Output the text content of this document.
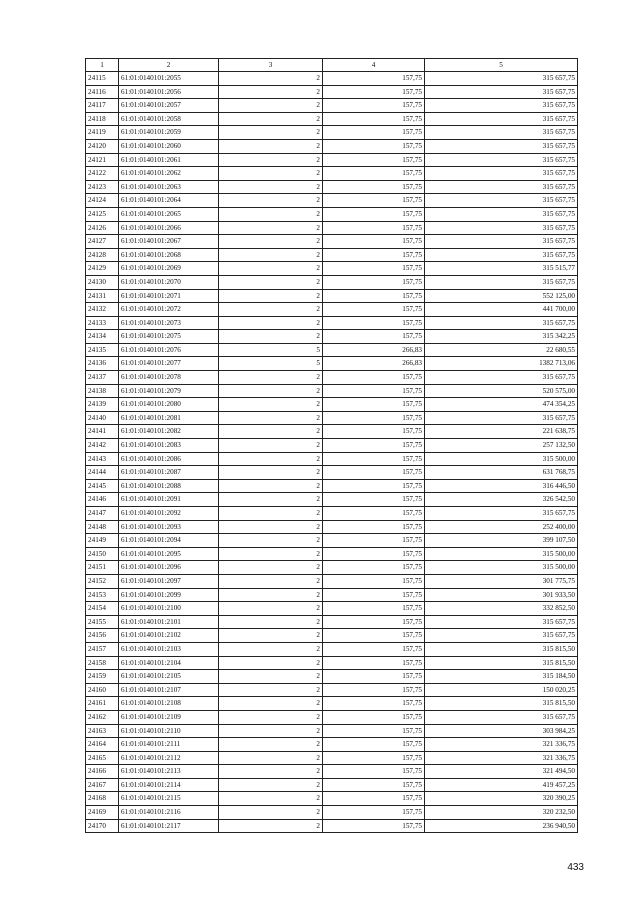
1	2	3	4	5
24115	61:01:0140101:2055	2	157,75	315 657,75
24116	61:01:0140101:2056	2	157,75	315 657,75
24117	61:01:0140101:2057	2	157,75	315 657,75
24118	61:01:0140101:2058	2	157,75	315 657,75
24119	61:01:0140101:2059	2	157,75	315 657,75
24120	61:01:0140101:2060	2	157,75	315 657,75
24121	61:01:0140101:2061	2	157,75	315 657,75
24122	61:01:0140101:2062	2	157,75	315 657,75
24123	61:01:0140101:2063	2	157,75	315 657,75
24124	61:01:0140101:2064	2	157,75	315 657,75
24125	61:01:0140101:2065	2	157,75	315 657,75
24126	61:01:0140101:2066	2	157,75	315 657,75
24127	61:01:0140101:2067	2	157,75	315 657,75
24128	61:01:0140101:2068	2	157,75	315 657,75
24129	61:01:0140101:2069	2	157,75	315 515,77
24130	61:01:0140101:2070	2	157,75	315 657,75
24131	61:01:0140101:2071	2	157,75	552 125,00
24132	61:01:0140101:2072	2	157,75	441 700,00
24133	61:01:0140101:2073	2	157,75	315 657,75
24134	61:01:0140101:2075	2	157,75	315 342,25
24135	61:01:0140101:2076	5	266,83	22 680,55
24136	61:01:0140101:2077	5	266,83	1382 713,06
24137	61:01:0140101:2078	2	157,75	315 657,75
24138	61:01:0140101:2079	2	157,75	520 575,00
24139	61:01:0140101:2080	2	157,75	474 354,25
24140	61:01:0140101:2081	2	157,75	315 657,75
24141	61:01:0140101:2082	2	157,75	221 638,75
24142	61:01:0140101:2083	2	157,75	257 132,50
24143	61:01:0140101:2086	2	157,75	315 500,00
24144	61:01:0140101:2087	2	157,75	631 768,75
24145	61:01:0140101:2088	2	157,75	316 446,50
24146	61:01:0140101:2091	2	157,75	326 542,50
24147	61:01:0140101:2092	2	157,75	315 657,75
24148	61:01:0140101:2093	2	157,75	252 400,00
24149	61:01:0140101:2094	2	157,75	399 107,50
24150	61:01:0140101:2095	2	157,75	315 500,00
24151	61:01:0140101:2096	2	157,75	315 500,00
24152	61:01:0140101:2097	2	157,75	301 775,75
24153	61:01:0140101:2099	2	157,75	301 933,50
24154	61:01:0140101:2100	2	157,75	332 852,50
24155	61:01:0140101:2101	2	157,75	315 657,75
24156	61:01:0140101:2102	2	157,75	315 657,75
24157	61:01:0140101:2103	2	157,75	315 815,50
24158	61:01:0140101:2104	2	157,75	315 815,50
24159	61:01:0140101:2105	2	157,75	315 184,50
24160	61:01:0140101:2107	2	157,75	150 020,25
24161	61:01:0140101:2108	2	157,75	315 815,50
24162	61:01:0140101:2109	2	157,75	315 657,75
24163	61:01:0140101:2110	2	157,75	303 984,25
24164	61:01:0140101:2111	2	157,75	321 336,75
24165	61:01:0140101:2112	2	157,75	321 336,75
24166	61:01:0140101:2113	2	157,75	321 494,50
24167	61:01:0140101:2114	2	157,75	419 457,25
24168	61:01:0140101:2115	2	157,75	320 390,25
24169	61:01:0140101:2116	2	157,75	320 232,50
24170	61:01:0140101:2117	2	157,75	236 940,50
433
